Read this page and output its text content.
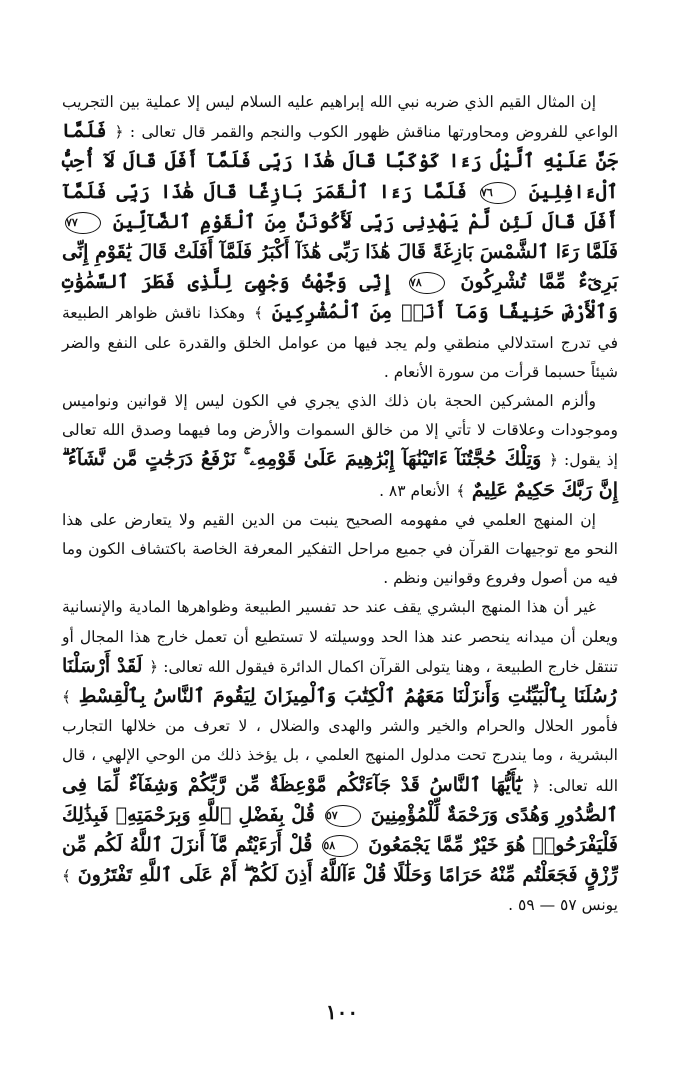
إن المثال القيم الذي ضربه نبي الله إبراهيم عليه السلام ليس إلا عملية بين التجريب الواعي للفروض ومحاورتها مناقش ظهور الكوب والنجم والقمر قال تعالى : ﴿ فَلَمَّا جَنَّ عَلَيْهِ ٱلَّيْلُ رَءَا كَوْكَبًا قَالَ هَٰذَا رَبِّى فَلَمَّآ أَفَلَ قَالَ لَآ أُحِبُّ ٱلْءَافِلِينَ ٧٦ فَلَمَّا رَءَا ٱلْقَمَرَ بَازِغًا قَالَ هَٰذَا رَبِّى فَلَمَّآ أَفَلَ قَالَ لَئِن لَّمْ يَهْدِنِى رَبِّى لَأَكُونَنَّ مِنَ ٱلْقَوْمِ ٱلضَّآلِّينَ ٧٧ فَلَمَّا رَءَا ٱلشَّمْسَ بَازِغَةً قَالَ هَٰذَا رَبِّى هَٰذَآ أَكْبَرُ فَلَمَّآ أَفَلَتْ قَالَ يَٰقَوْمِ إِنِّى بَرِىٓءٌ مِّمَّا تُشْرِكُونَ ٧٨ إِنِّى وَجَّهْتُ وَجْهِىَ لِلَّذِى فَطَرَ ٱلسَّمَٰوَٰتِ وَٱلْأَرْضَ حَنِيفًا وَمَآ أَنَا۠ مِنَ ٱلْمُشْرِكِينَ ﴾ وهكذا ناقش ظواهر الطبيعة في تدرج استدلالي منطقي ولم يجد فيها من عوامل الخلق والقدرة على النفع والضر شيئاً حسبما قرأت من سورة الأنعام .

وألزم المشركين الحجة بان ذلك الذي يجري في الكون ليس إلا قوانين ونواميس وموجودات وعلاقات لا تأتي إلا من خالق السموات والأرض وما فيهما وصدق الله تعالى إذ يقول: ﴿ وَتِلْكَ حُجَّتُنَآ ءَاتَيْنَٰهَآ إِبْرَٰهِيمَ عَلَىٰ قَوْمِهِۦ ۚ نَرْفَعُ دَرَجَٰتٍ مَّن نَّشَآءُ ۗ إِنَّ رَبَّكَ حَكِيمٌ عَلِيمٌ ﴾ الأنعام ٨٣ .

إن المنهج العلمي في مفهومه الصحيح ينبت من الدين القيم ولا يتعارض على هذا النحو مع توجيهات القرآن في جميع مراحل التفكير المعرفة الخاصة باكتشاف الكون وما فيه من أصول وفروع وقوانين ونظم .

غير أن هذا المنهج البشري يقف عند حد تفسير الطبيعة وظواهرها المادية والإنسانية ويعلن أن ميدانه ينحصر عند هذا الحد ووسيلته لا تستطيع أن تعمل خارج هذا المجال أو تنتقل خارج الطبيعة ، وهنا يتولى القرآن اكمال الدائرة فيقول الله تعالى: ﴿ لَقَدْ أَرْسَلْنَا رُسُلَنَا بِٱلْبَيِّنَٰتِ وَأَنزَلْنَا مَعَهُمُ ٱلْكِتَٰبَ وَٱلْمِيزَانَ لِيَقُومَ ٱلنَّاسُ بِٱلْقِسْطِ ﴾ فأمور الحلال والحرام والخير والشر والهدى والضلال ، لا تعرف من خلالها التجارب البشرية ، وما يندرج تحت مدلول المنهج العلمي ، بل يؤخذ ذلك من الوحي الإلهي ، قال الله تعالى: ﴿ يَٰٓأَيُّهَا ٱلنَّاسُ قَدْ جَآءَتْكُم مَّوْعِظَةٌ مِّن رَّبِّكُمْ وَشِفَآءٌ لِّمَا فِى ٱلصُّدُورِ وَهُدًى وَرَحْمَةٌ لِّلْمُؤْمِنِينَ ٥٧ قُلْ بِفَضْلِ ٱللَّهِ وَبِرَحْمَتِهِۦ فَبِذَٰلِكَ فَلْيَفْرَحُوا۟ هُوَ خَيْرٌ مِّمَّا يَجْمَعُونَ ٥٨ قُلْ أَرَءَيْتُم مَّآ أَنزَلَ ٱللَّهُ لَكُم مِّن رِّزْقٍ فَجَعَلْتُم مِّنْهُ حَرَامًا وَحَلَٰلًا قُلْ ءَآللَّهُ أَذِنَ لَكُمْ ۖ أَمْ عَلَى ٱللَّهِ تَفْتَرُونَ ﴾ يونس ٥٧ — ٥٩ .

١٠٠
